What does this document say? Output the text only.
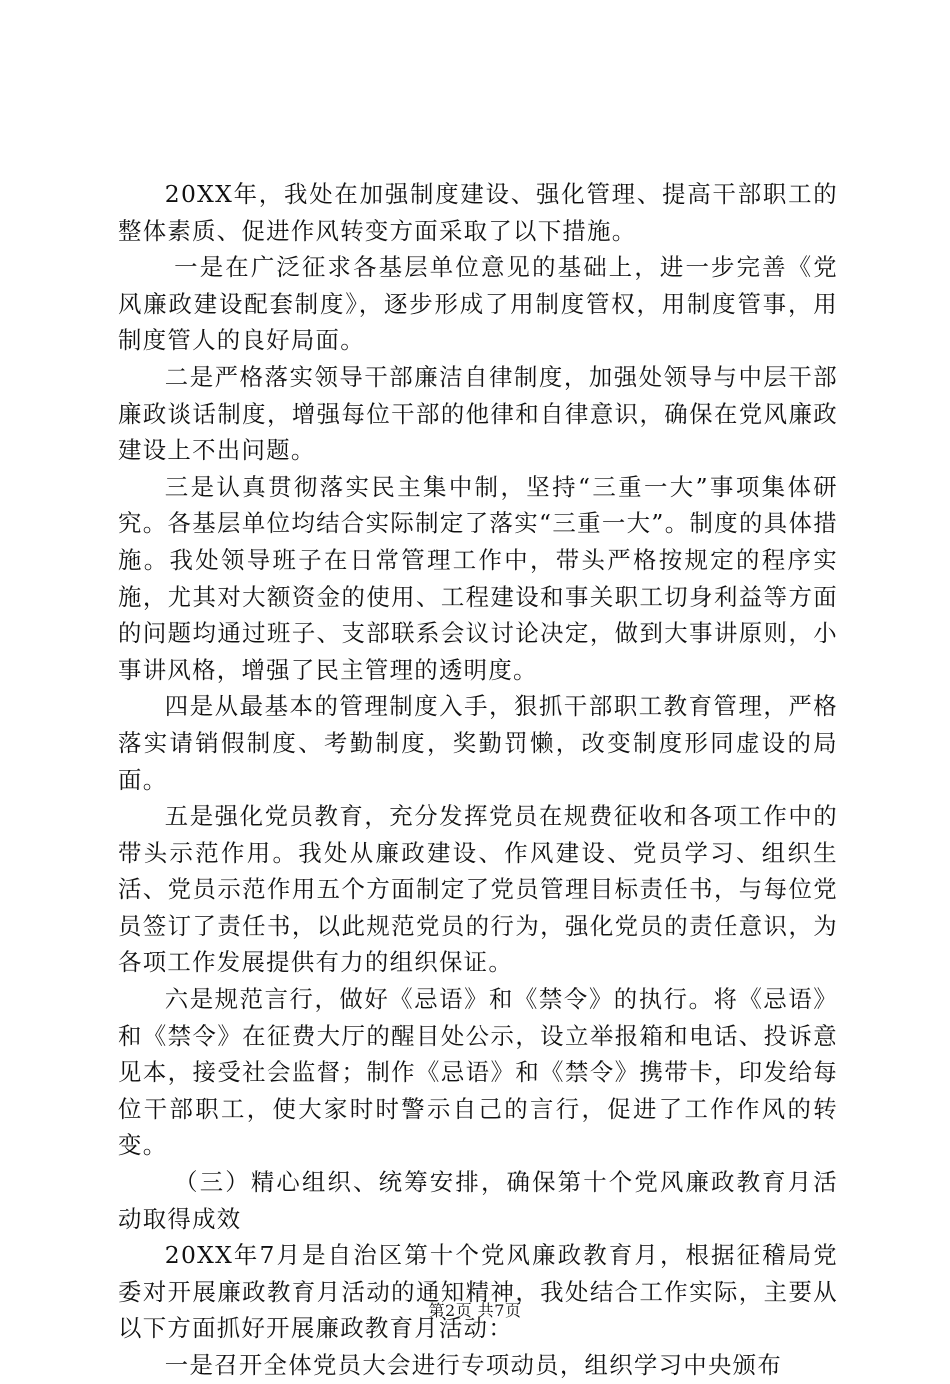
20XX年，我处在加强制度建设、强化管理、提高干部职工的整体素质、促进作风转变方面采取了以下措施。

一是在广泛征求各基层单位意见的基础上，进一步完善《党风廉政建设配套制度》，逐步形成了用制度管权，用制度管事，用制度管人的良好局面。

二是严格落实领导干部廉洁自律制度，加强处领导与中层干部廉政谈话制度，增强每位干部的他律和自律意识，确保在党风廉政建设上不出问题。

三是认真贯彻落实民主集中制，坚持“三重一大”事项集体研究。各基层单位均结合实际制定了落实“三重一大”。制度的具体措施。我处领导班子在日常管理工作中，带头严格按规定的程序实施，尤其对大额资金的使用、工程建设和事关职工切身利益等方面的问题均通过班子、支部联系会议讨论决定，做到大事讲原则，小事讲风格，增强了民主管理的透明度。

四是从最基本的管理制度入手，狠抓干部职工教育管理，严格落实请销假制度、考勤制度，奖勤罚懒，改变制度形同虚设的局面。

五是强化党员教育，充分发挥党员在规费征收和各项工作中的带头示范作用。我处从廉政建设、作风建设、党员学习、组织生活、党员示范作用五个方面制定了党员管理目标责任书，与每位党员签订了责任书，以此规范党员的行为，强化党员的责任意识，为各项工作发展提供有力的组织保证。

六是规范言行，做好《忌语》和《禁令》的执行。将《忌语》和《禁令》在征费大厅的醒目处公示，设立举报箱和电话、投诉意见本，接受社会监督；制作《忌语》和《禁令》携带卡，印发给每位干部职工，使大家时时警示自己的言行，促进了工作作风的转变。

（三）精心组织、统筹安排，确保第十个党风廉政教育月活动取得成效

20XX年7月是自治区第十个党风廉政教育月，根据征稽局党委对开展廉政教育月活动的通知精神，我处结合工作实际，主要从以下方面抓好开展廉政教育月活动：

一是召开全体党员大会进行专项动员，组织学习中央颁布

第2页 共7页
